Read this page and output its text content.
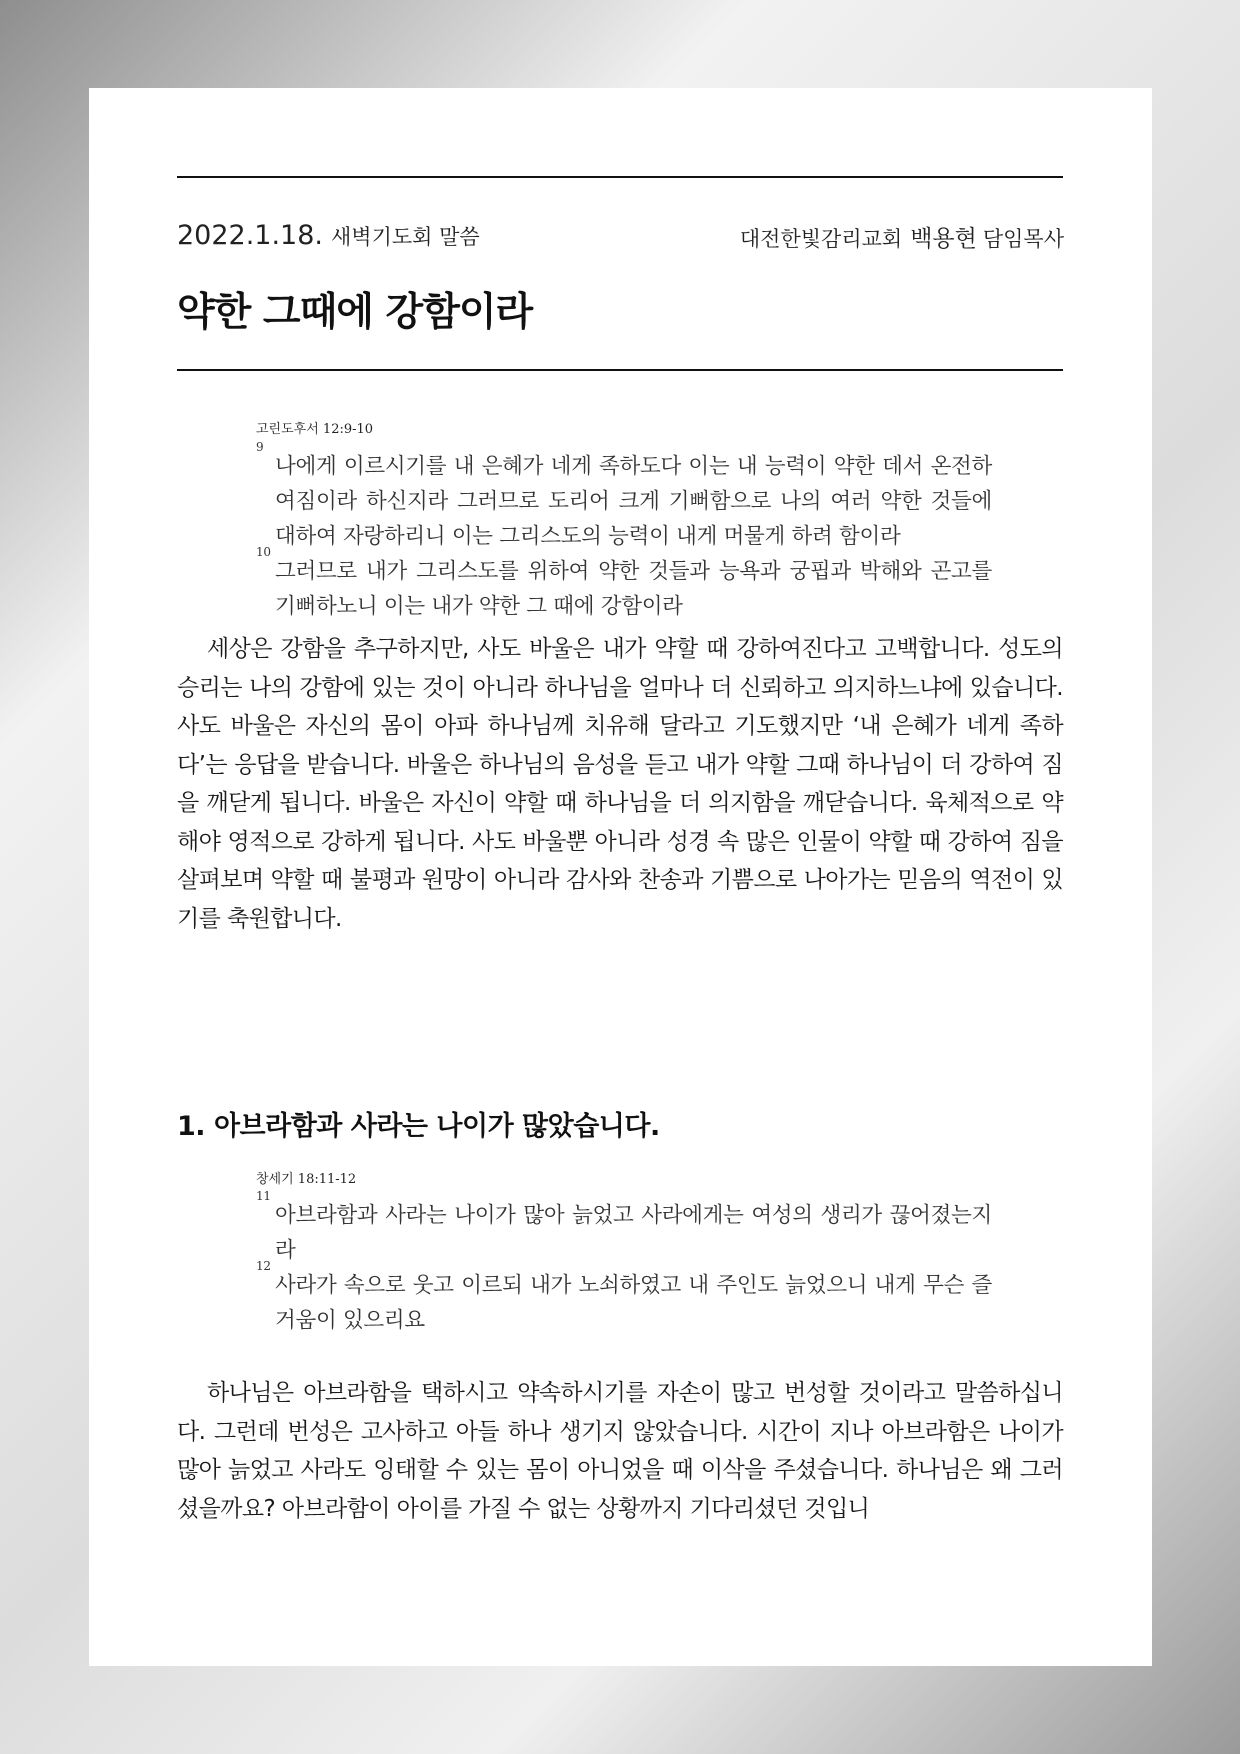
2022.1.18. 새벽기도회 말씀	대전한빛감리교회 백용현 담임목사
약한 그때에 강함이라
고린도후서 12:9-10
9
나에게 이르시기를 내 은혜가 네게 족하도다 이는 내 능력이 약한 데서 온전하여짐이라 하신지라 그러므로 도리어 크게 기뻐함으로 나의 여러 약한 것들에 대하여 자랑하리니 이는 그리스도의 능력이 내게 머물게 하려 함이라
10
그러므로 내가 그리스도를 위하여 약한 것들과 능욕과 궁핍과 박해와 곤고를 기뻐하노니 이는 내가 약한 그 때에 강함이라

세상은 강함을 추구하지만, 사도 바울은 내가 약할 때 강하여진다고 고백합니다. 성도의 승리는 나의 강함에 있는 것이 아니라 하나님을 얼마나 더 신뢰하고 의지하느냐에 있습니다. 사도 바울은 자신의 몸이 아파 하나님께 치유해 달라고 기도했지만 ‘내 은혜가 네게 족하다’는 응답을 받습니다. 바울은 하나님의 음성을 듣고 내가 약할 그때 하나님이 더 강하여 짐을 깨닫게 됩니다. 바울은 자신이 약할 때 하나님을 더 의지함을 깨닫습니다. 육체적으로 약해야 영적으로 강하게 됩니다. 사도 바울뿐 아니라 성경 속 많은 인물이 약할 때 강하여 짐을 살펴보며 약할 때 불평과 원망이 아니라 감사와 찬송과 기쁨으로 나아가는 믿음의 역전이 있기를 축원합니다.

1. 아브라함과 사라는 나이가 많았습니다.
창세기 18:11-12
11
아브라함과 사라는 나이가 많아 늙었고 사라에게는 여성의 생리가 끊어졌는지라
12
사라가 속으로 웃고 이르되 내가 노쇠하였고 내 주인도 늙었으니 내게 무슨 즐거움이 있으리요

하나님은 아브라함을 택하시고 약속하시기를 자손이 많고 번성할 것이라고 말씀하십니다. 그런데 번성은 고사하고 아들 하나 생기지 않았습니다. 시간이 지나 아브라함은 나이가 많아 늙었고 사라도 잉태할 수 있는 몸이 아니었을 때 이삭을 주셨습니다. 하나님은 왜 그러셨을까요? 아브라함이 아이를 가질 수 없는 상황까지 기다리셨던 것입니
